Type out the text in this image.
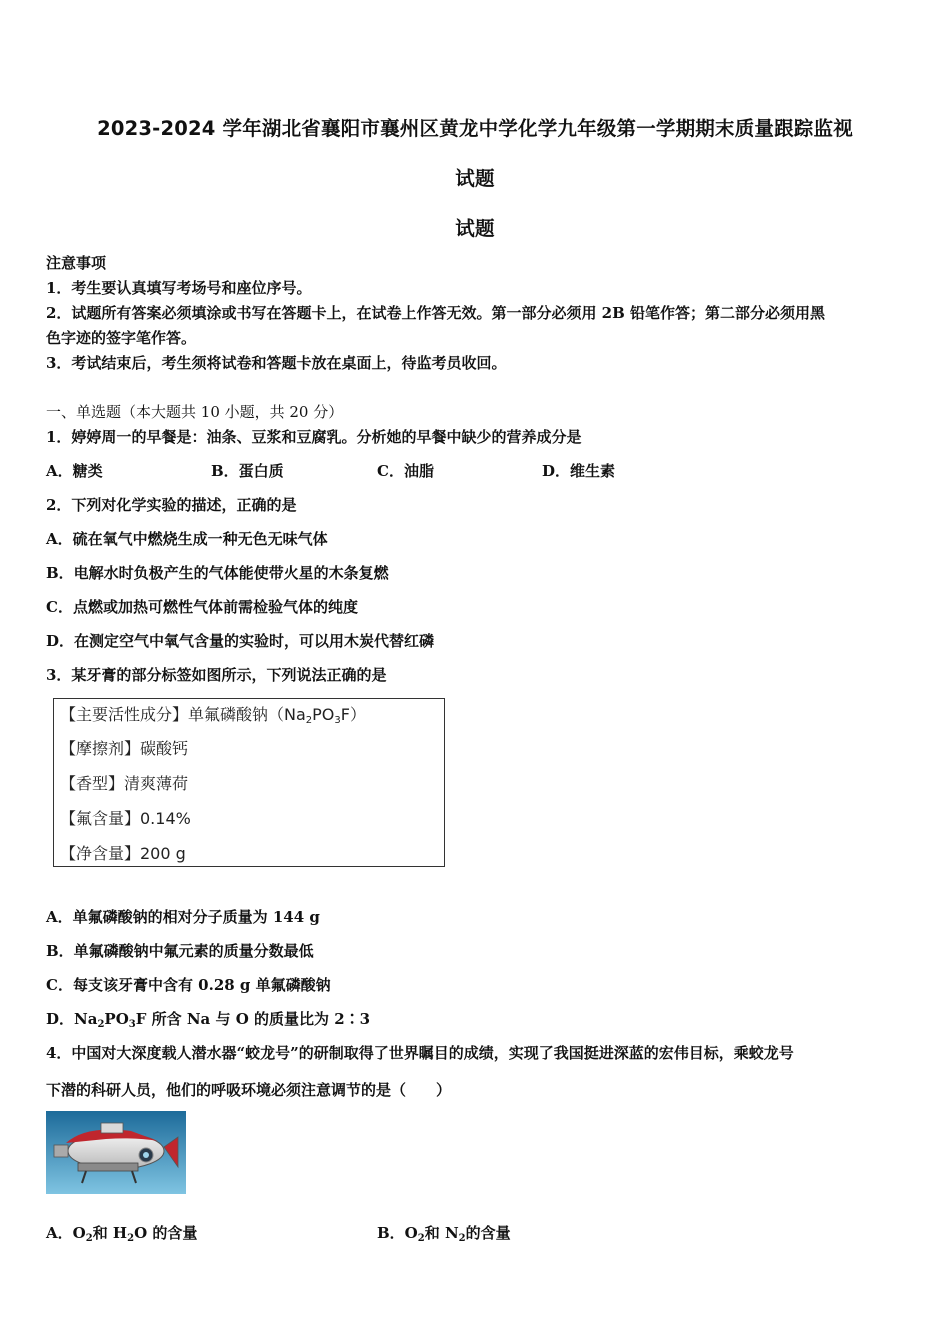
2023-2024 学年湖北省襄阳市襄州区黄龙中学化学九年级第一学期期末质量跟踪监视
试题
试题
注意事项
1．考生要认真填写考场号和座位序号。
2．试题所有答案必须填涂或书写在答题卡上，在试卷上作答无效。第一部分必须用 2B 铅笔作答；第二部分必须用黑
色字迹的签字笔作答。
3．考试结束后，考生须将试卷和答题卡放在桌面上，待监考员收回。
一、单选题（本大题共 10 小题，共 20 分）
1．婷婷周一的早餐是：油条、豆浆和豆腐乳。分析她的早餐中缺少的营养成分是
A．糖类	B．蛋白质	C．油脂	D．维生素
2．下列对化学实验的描述，正确的是
A．硫在氧气中燃烧生成一种无色无味气体
B．电解水时负极产生的气体能使带火星的木条复燃
C．点燃或加热可燃性气体前需检验气体的纯度
D．在测定空气中氧气含量的实验时，可以用木炭代替红磷
3．某牙膏的部分标签如图所示，下列说法正确的是
【主要活性成分】单氟磷酸钠$(Na_2PO_3F)$
【摩擦剂】碳酸钙
【香型】清爽薄荷
【氟含量】0.14%
【净含量】200 g
A．单氟磷酸钠的相对分子质量为 144 g
B．单氟磷酸钠中氟元素的质量分数最低
C．每支该牙膏中含有 0.28 g 单氟磷酸钠
D．$Na_2PO_3F$ 所含 Na 与 O 的质量比为 2∶3
4．中国对大深度载人潜水器“蛟龙号”的研制取得了世界瞩目的成绩，实现了我国挺进深蓝的宏伟目标，乘蛟龙号
下潜的科研人员，他们的呼吸环境必须注意调节的是（　　）
A．$O_2$和 $H_2O$ 的含量	B．$O_2$和 $N_2$的含量
